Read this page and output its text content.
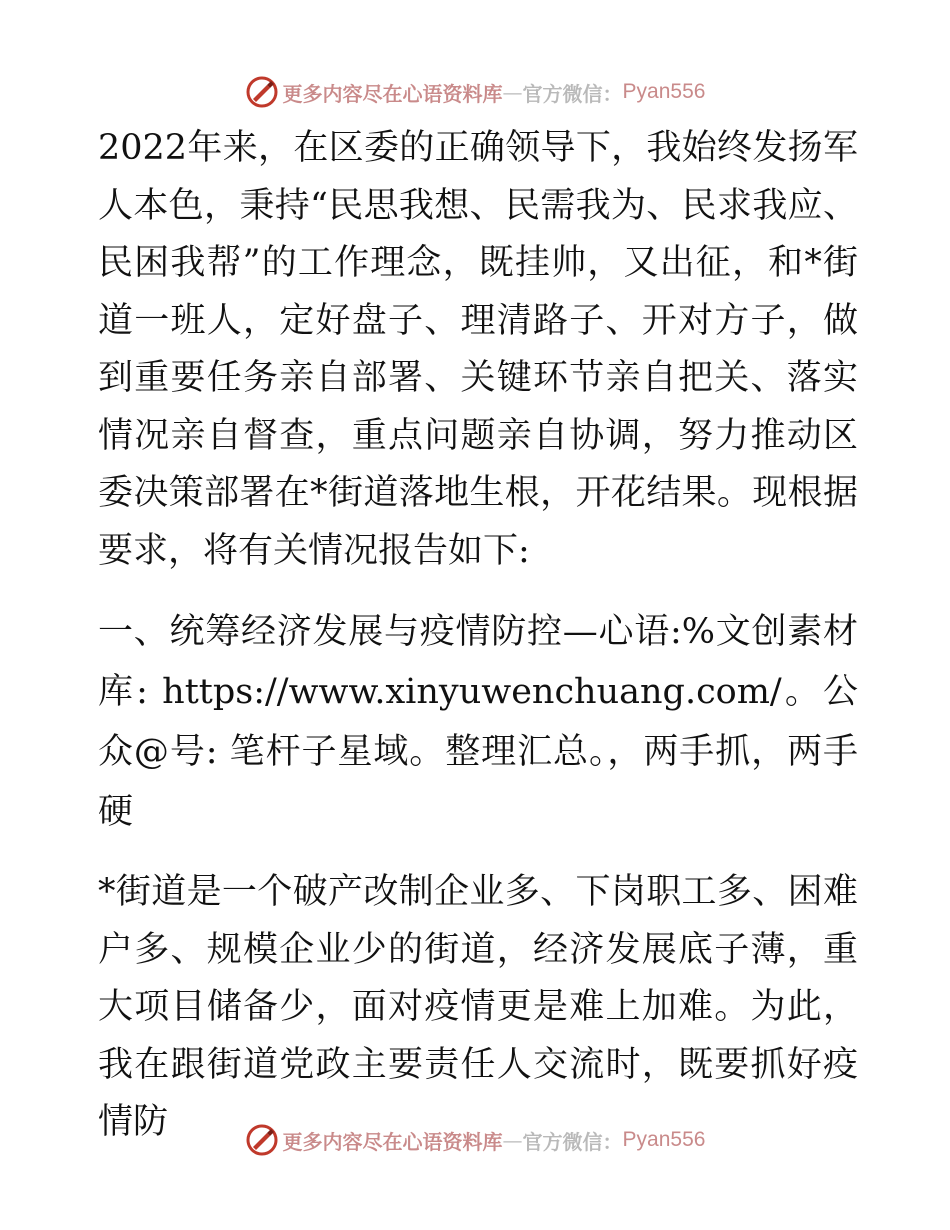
更多内容尽在心语资料库 — 官方微信： Pyan556

2022年来，在区委的正确领导下，我始终发扬军人本色，秉持“民思我想、民需我为、民求我应、民困我帮”的工作理念，既挂帅，又出征，和*街道一班人，定好盘子、理清路子、开对方子，做到重要任务亲自部署、关键环节亲自把关、落实情况亲自督查，重点问题亲自协调，努力推动区委决策部署在*街道落地生根，开花结果。现根据要求，将有关情况报告如下:

一、统筹经济发展与疫情防控—心语:%文创素材库: https://www.xinyuwenchuang.com/。公众@号: 笔杆子星域。整理汇总。，两手抓，两手硬

*街道是一个破产改制企业多、下岗职工多、困难户多、规模企业少的街道，经济发展底子薄，重大项目储备少，面对疫情更是难上加难。为此，我在跟街道党政主要责任人交流时，既要抓好疫情防	更多内容尽在心语资料库 — 官方微信： Pyan556
